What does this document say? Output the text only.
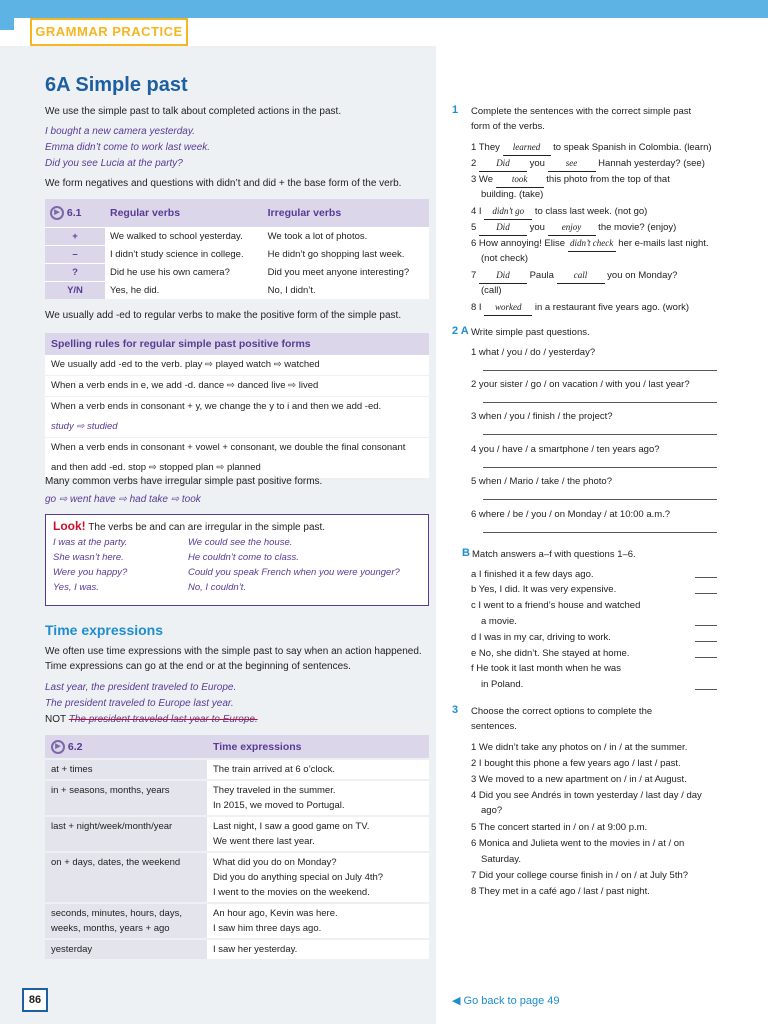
GRAMMAR PRACTICE
6A Simple past
We use the simple past to talk about completed actions in the past.
I bought a new camera yesterday.
Emma didn’t come to work last week.
Did you see Lucia at the party?
We form negatives and questions with didn’t and did + the base form of the verb.
▶ 6.1	Regular verbs	Irregular verbs
+	We walked to school yesterday.	We took a lot of photos.
–	I didn’t study science in college.	He didn’t go shopping last week.
?	Did he use his own camera?	Did you meet anyone interesting?
Y/N	Yes, he did.	No, I didn’t.
We usually add -ed to regular verbs to make the positive form of the simple past.
Spelling rules for regular simple past positive forms
We usually add -ed to the verb. play ⇨ played watch ⇨ watched
When a verb ends in e, we add -d. dance ⇨ danced live ⇨ lived
When a verb ends in consonant + y, we change the y to i and then we add -ed.
study ⇨ studied
When a verb ends in consonant + vowel + consonant, we double the final consonant
and then add -ed. stop ⇨ stopped plan ⇨ planned
Many common verbs have irregular simple past positive forms.
go ⇨ went have ⇨ had take ⇨ took
Look! The verbs be and can are irregular in the simple past.
I was at the party.	We could see the house.
She wasn’t here.	He couldn’t come to class.
Were you happy?	Could you speak French when you were younger?
Yes, I was.	No, I couldn’t.
Time expressions
We often use time expressions with the simple past to say when an action happened.
Time expressions can go at the end or at the beginning of sentences.
Last year, the president traveled to Europe.
The president traveled to Europe last year.
NOT The president traveled last year to Europe.
▶ 6.2	Time expressions
at + times	The train arrived at 6 o’clock.
in + seasons, months, years	They traveled in the summer.
In 2015, we moved to Portugal.
last + night/week/month/year	Last night, I saw a good game on TV.
We went there last year.
on + days, dates, the weekend	What did you do on Monday?
Did you do anything special on July 4th?
I went to the movies on the weekend.
seconds, minutes, hours, days, weeks, months, years + ago	An hour ago, Kevin was here.
I saw him three days ago.
yesterday	I saw her yesterday.
1 Complete the sentences with the correct simple past
form of the verbs.
2 A Write simple past questions.
B Match answers a–f with questions 1–6.
3 Choose the correct options to complete the
sentences.
86	◀ Go back to page 49
1 They learned to speak Spanish in Colombia. (learn)
2 Did you see Hannah yesterday? (see)
3 We took this photo from the top of that
building. (take)
4 I didn’t go to class last week. (not go)
5 Did you enjoy the movie? (enjoy)
6 How annoying! Elise didn’t check her e-mails last night.
(not check)
7 Did Paula call you on Monday?
(call)
8 I worked in a restaurant five years ago. (work)
1 what / you / do / yesterday?
2 your sister / go / on vacation / with you / last year?
3 when / you / finish / the project?
4 you / have / a smartphone / ten years ago?
5 when / Mario / take / the photo?
6 where / be / you / on Monday / at 10:00 a.m.?
a I finished it a few days ago.
b Yes, I did. It was very expensive.
c I went to a friend’s house and watched
a movie.
d I was in my car, driving to work.
e No, she didn’t. She stayed at home.
f He took it last month when he was
in Poland.
1 We didn’t take any photos on / in / at the summer.
2 I bought this phone a few years ago / last / past.
3 We moved to a new apartment on / in / at August.
4 Did you see Andrés in town yesterday / last day / day
ago?
5 The concert started in / on / at 9:00 p.m.
6 Monica and Julieta went to the movies in / at / on
Saturday.
7 Did your college course finish in / on / at July 5th?
8 They met in a café ago / last / past night.
